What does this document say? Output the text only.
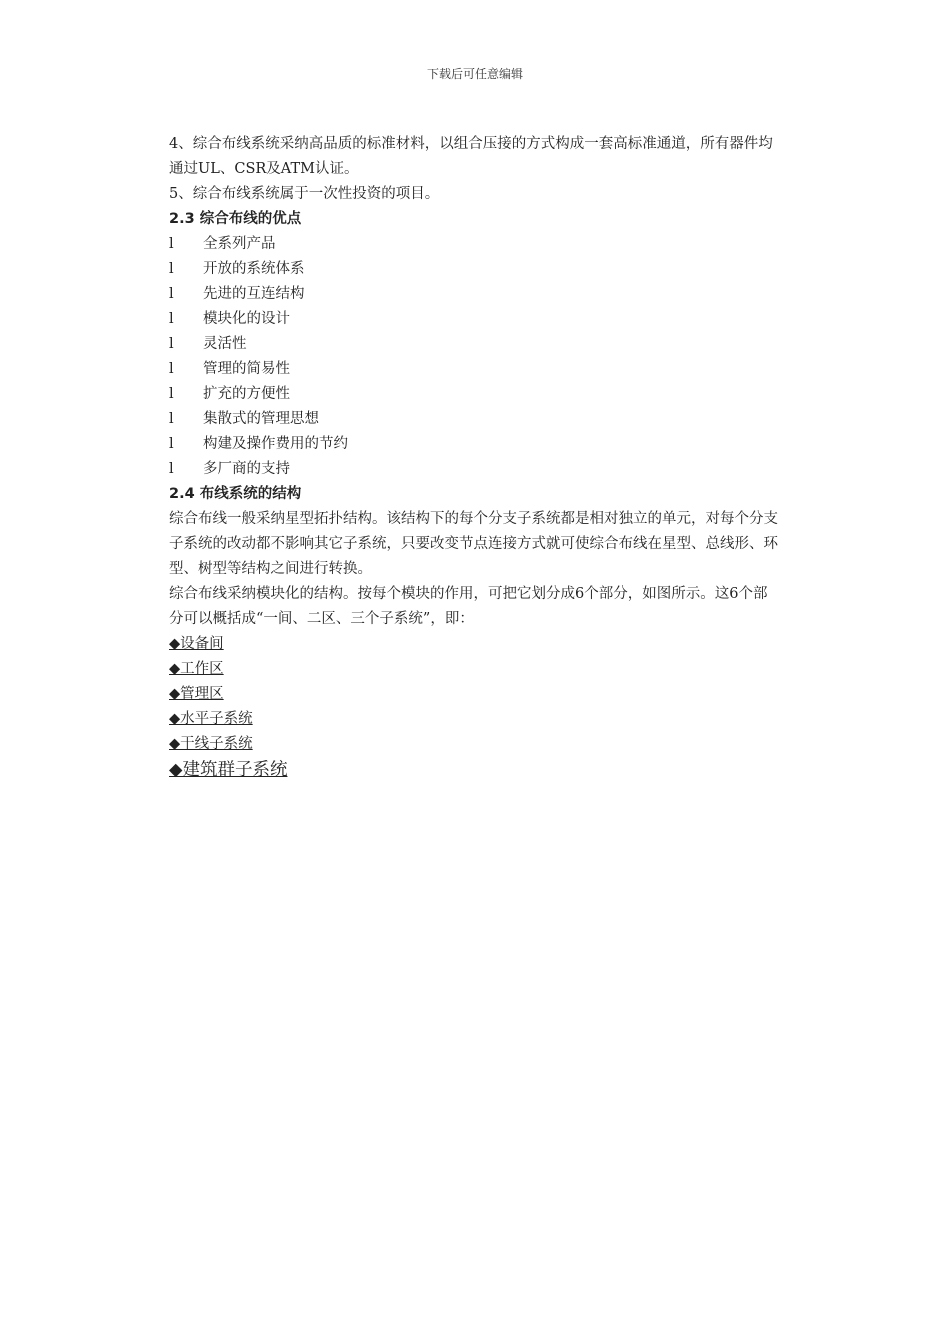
下载后可任意编辑

4、综合布线系统采纳高品质的标准材料，以组合压接的方式构成一套高标准通道，所有器件均通过UL、CSR及ATM认证。

5、综合布线系统属于一次性投资的项目。

2.3 综合布线的优点

l	全系列产品
l	开放的系统体系
l	先进的互连结构
l	模块化的设计
l	灵活性
l	管理的简易性
l	扩充的方便性
l	集散式的管理思想
l	构建及操作费用的节约
l	多厂商的支持

2.4 布线系统的结构

综合布线一般采纳星型拓扑结构。该结构下的每个分支子系统都是相对独立的单元，对每个分支子系统的改动都不影响其它子系统，只要改变节点连接方式就可使综合布线在星型、总线形、环型、树型等结构之间进行转换。

综合布线采纳模块化的结构。按每个模块的作用，可把它划分成6个部分，如图所示。这6个部分可以概括成“一间、二区、三个子系统”，即：

◆设备间

◆工作区

◆管理区

◆水平子系统

◆干线子系统

◆建筑群子系统
